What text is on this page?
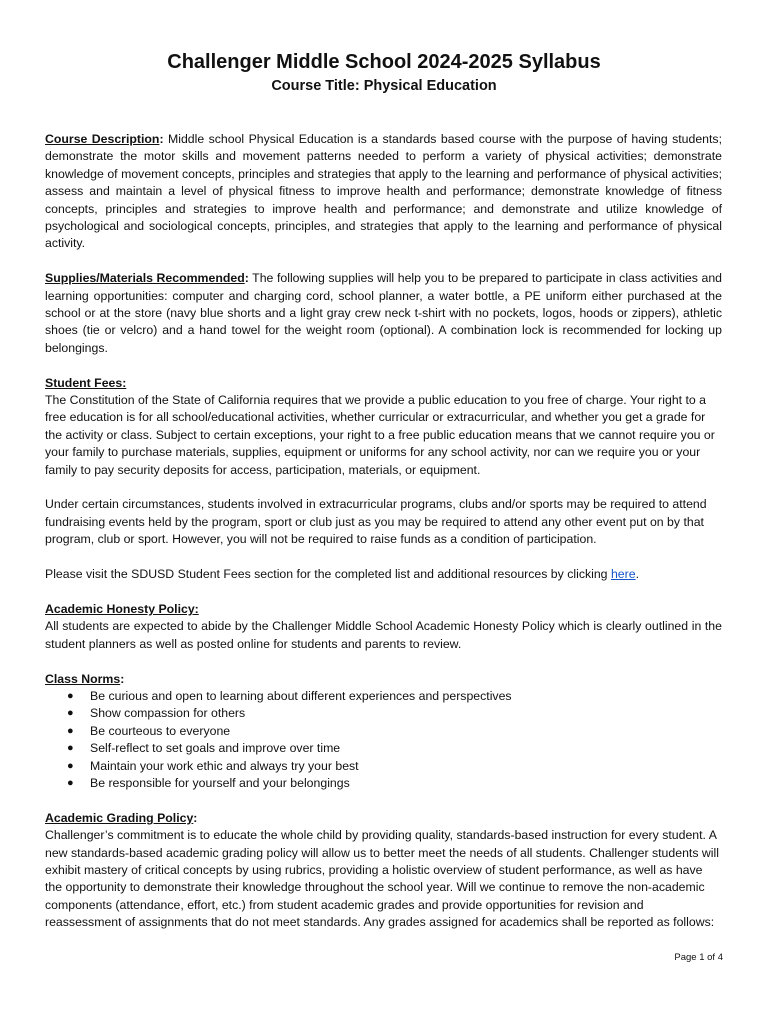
Challenger Middle School 2024-2025 Syllabus
Course Title: Physical Education

Course Description: Middle school Physical Education is a standards based course with the purpose of having students; demonstrate the motor skills and movement patterns needed to perform a variety of physical activities; demonstrate knowledge of movement concepts, principles and strategies that apply to the learning and performance of physical activities; assess and maintain a level of physical fitness to improve health and performance; demonstrate knowledge of fitness concepts, principles and strategies to improve health and performance; and demonstrate and utilize knowledge of psychological and sociological concepts, principles, and strategies that apply to the learning and performance of physical activity.

Supplies/Materials Recommended: The following supplies will help you to be prepared to participate in class activities and learning opportunities: computer and charging cord, school planner, a water bottle, a PE uniform either purchased at the school or at the store (navy blue shorts and a light gray crew neck t-shirt with no pockets, logos, hoods or zippers), athletic shoes (tie or velcro) and a hand towel for the weight room (optional). A combination lock is recommended for locking up belongings.

Student Fees:

The Constitution of the State of California requires that we provide a public education to you free of charge. Your right to a free education is for all school/educational activities, whether curricular or extracurricular, and whether you get a grade for the activity or class. Subject to certain exceptions, your right to a free public education means that we cannot require you or your family to purchase materials, supplies, equipment or uniforms for any school activity, nor can we require you or your family to pay security deposits for access, participation, materials, or equipment.

Under certain circumstances, students involved in extracurricular programs, clubs and/or sports may be required to attend fundraising events held by the program, sport or club just as you may be required to attend any other event put on by that program, club or sport. However, you will not be required to raise funds as a condition of participation.

Please visit the SDUSD Student Fees section for the completed list and additional resources by clicking here.

Academic Honesty Policy:

All students are expected to abide by the Challenger Middle School Academic Honesty Policy which is clearly outlined in the student planners as well as posted online for students and parents to review.

Class Norms:
● Be curious and open to learning about different experiences and perspectives
● Show compassion for others
● Be courteous to everyone
● Self-reflect to set goals and improve over time
● Maintain your work ethic and always try your best
● Be responsible for yourself and your belongings
Academic Grading Policy:

Challenger’s commitment is to educate the whole child by providing quality, standards-based instruction for every student. A new standards-based academic grading policy will allow us to better meet the needs of all students. Challenger students will exhibit mastery of critical concepts by using rubrics, providing a holistic overview of student performance, as well as have the opportunity to demonstrate their knowledge throughout the school year. Will we continue to remove the non-academic components (attendance, effort, etc.) from student academic grades and provide opportunities for revision and reassessment of assignments that do not meet standards. Any grades assigned for academics shall be reported as follows:

Page 1 of 4
